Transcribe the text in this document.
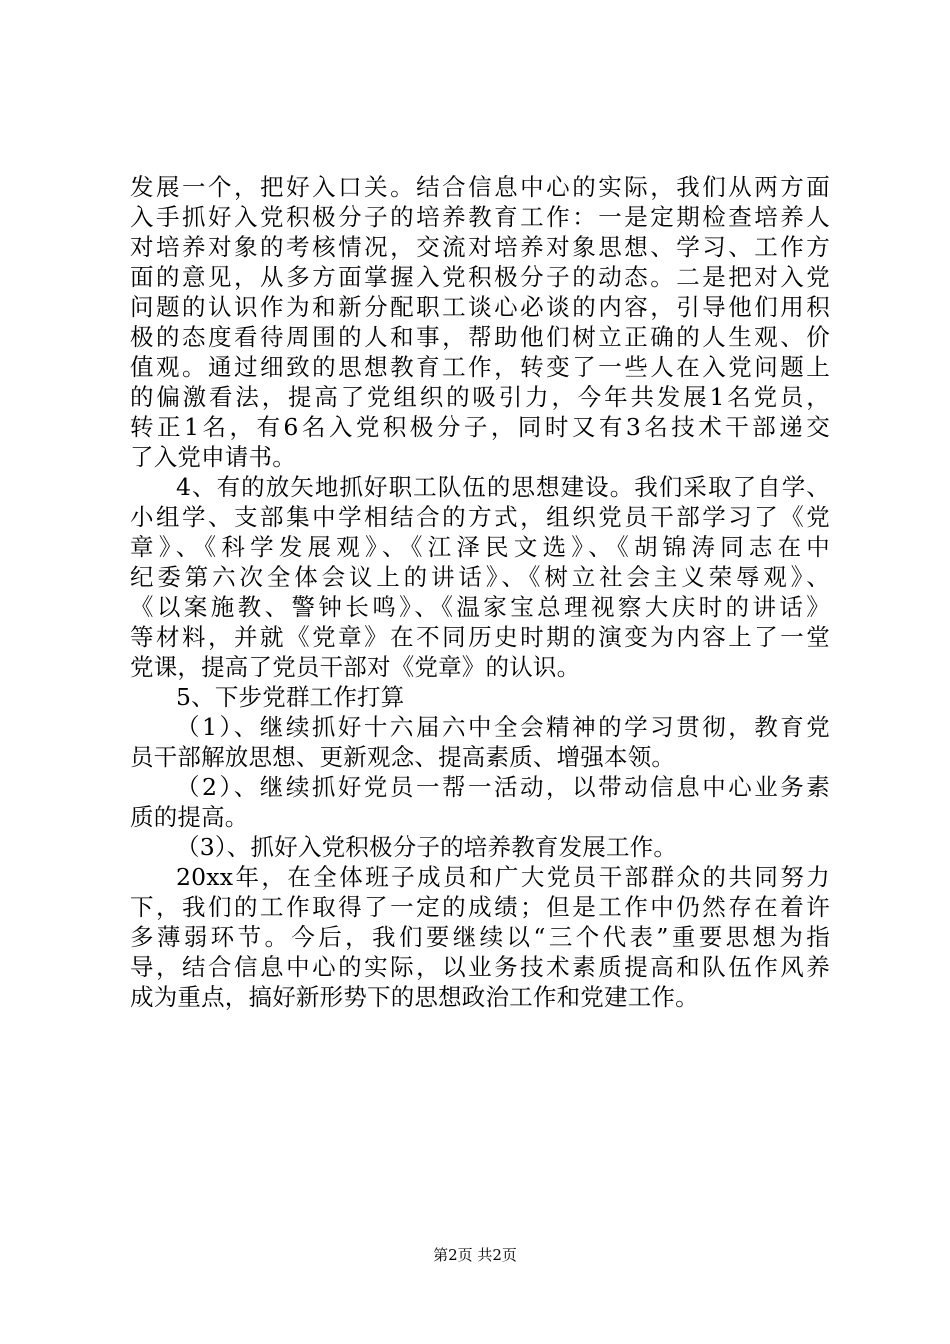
发展一个，把好入口关。结合信息中心的实际，我们从两方面
入手抓好入党积极分子的培养教育工作：一是定期检查培养人
对培养对象的考核情况，交流对培养对象思想、学习、工作方
面的意见，从多方面掌握入党积极分子的动态。二是把对入党
问题的认识作为和新分配职工谈心必谈的内容，引导他们用积
极的态度看待周围的人和事，帮助他们树立正确的人生观、价
值观。通过细致的思想教育工作，转变了一些人在入党问题上
的偏激看法，提高了党组织的吸引力，今年共发展1名党员，
转正1名，有6名入党积极分子，同时又有3名技术干部递交
了入党申请书。
4、有的放矢地抓好职工队伍的思想建设。我们采取了自学、
小组学、支部集中学相结合的方式，组织党员干部学习了《党
章》、《科学发展观》、《江泽民文选》、《胡锦涛同志在中
纪委第六次全体会议上的讲话》、《树立社会主义荣辱观》、
《以案施教、警钟长鸣》、《温家宝总理视察大庆时的讲话》
等材料，并就《党章》在不同历史时期的演变为内容上了一堂
党课，提高了党员干部对《党章》的认识。
5、下步党群工作打算
（1）、继续抓好十六届六中全会精神的学习贯彻，教育党
员干部解放思想、更新观念、提高素质、增强本领。
（2）、继续抓好党员一帮一活动，以带动信息中心业务素
质的提高。
（3）、抓好入党积极分子的培养教育发展工作。
20xx年，在全体班子成员和广大党员干部群众的共同努力
下，我们的工作取得了一定的成绩；但是工作中仍然存在着许
多薄弱环节。今后，我们要继续以“三个代表”重要思想为指
导，结合信息中心的实际，以业务技术素质提高和队伍作风养
成为重点，搞好新形势下的思想政治工作和党建工作。
第2页 共2页
